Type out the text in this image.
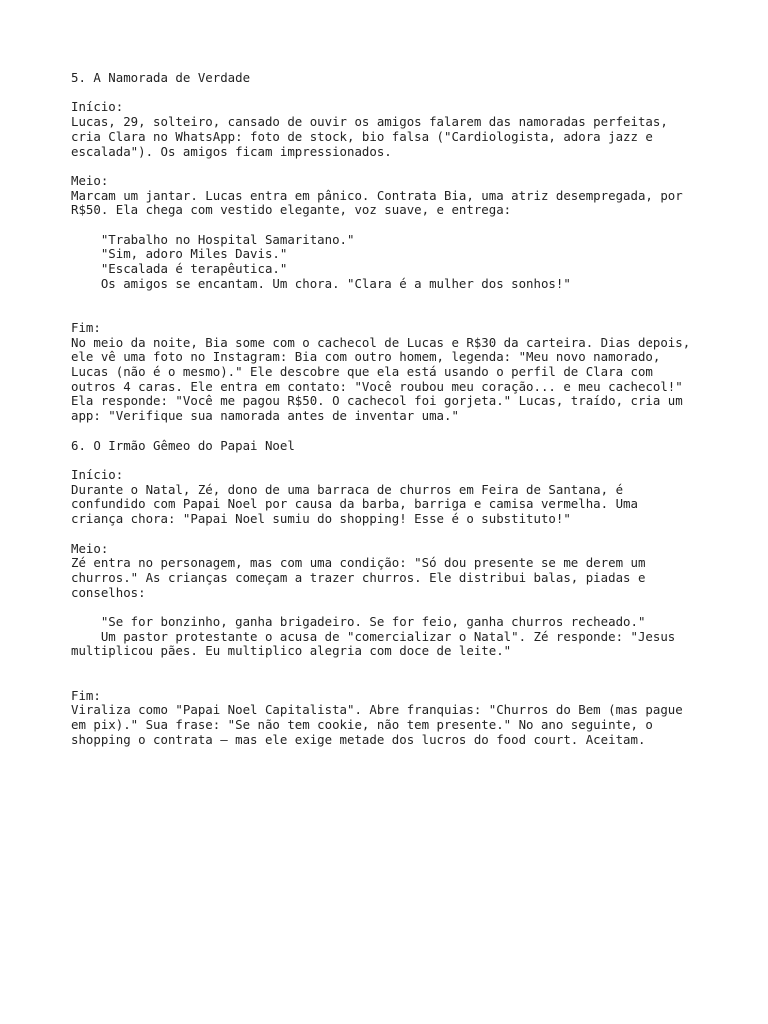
5. A Namorada de Verdade

Início:
Lucas, 29, solteiro, cansado de ouvir os amigos falarem das namoradas perfeitas,
cria Clara no WhatsApp: foto de stock, bio falsa ("Cardiologista, adora jazz e
escalada"). Os amigos ficam impressionados.

Meio:
Marcam um jantar. Lucas entra em pânico. Contrata Bia, uma atriz desempregada, por
R$50. Ela chega com vestido elegante, voz suave, e entrega:

"Trabalho no Hospital Samaritano."
"Sim, adoro Miles Davis."
"Escalada é terapêutica."
Os amigos se encantam. Um chora. "Clara é a mulher dos sonhos!"

Fim:
No meio da noite, Bia some com o cachecol de Lucas e R$30 da carteira. Dias depois,
ele vê uma foto no Instagram: Bia com outro homem, legenda: "Meu novo namorado,
Lucas (não é o mesmo)." Ele descobre que ela está usando o perfil de Clara com
outros 4 caras. Ele entra em contato: "Você roubou meu coração... e meu cachecol!"
Ela responde: "Você me pagou R$50. O cachecol foi gorjeta." Lucas, traído, cria um
app: "Verifique sua namorada antes de inventar uma."

6. O Irmão Gêmeo do Papai Noel

Início:
Durante o Natal, Zé, dono de uma barraca de churros em Feira de Santana, é
confundido com Papai Noel por causa da barba, barriga e camisa vermelha. Uma
criança chora: "Papai Noel sumiu do shopping! Esse é o substituto!"

Meio:
Zé entra no personagem, mas com uma condição: "Só dou presente se me derem um
churros." As crianças começam a trazer churros. Ele distribui balas, piadas e
conselhos:

"Se for bonzinho, ganha brigadeiro. Se for feio, ganha churros recheado."
Um pastor protestante o acusa de "comercializar o Natal". Zé responde: "Jesus
multiplicou pães. Eu multiplico alegria com doce de leite."

Fim:
Viraliza como "Papai Noel Capitalista". Abre franquias: "Churros do Bem (mas pague
em pix)." Sua frase: "Se não tem cookie, não tem presente." No ano seguinte, o
shopping o contrata — mas ele exige metade dos lucros do food court. Aceitam.
